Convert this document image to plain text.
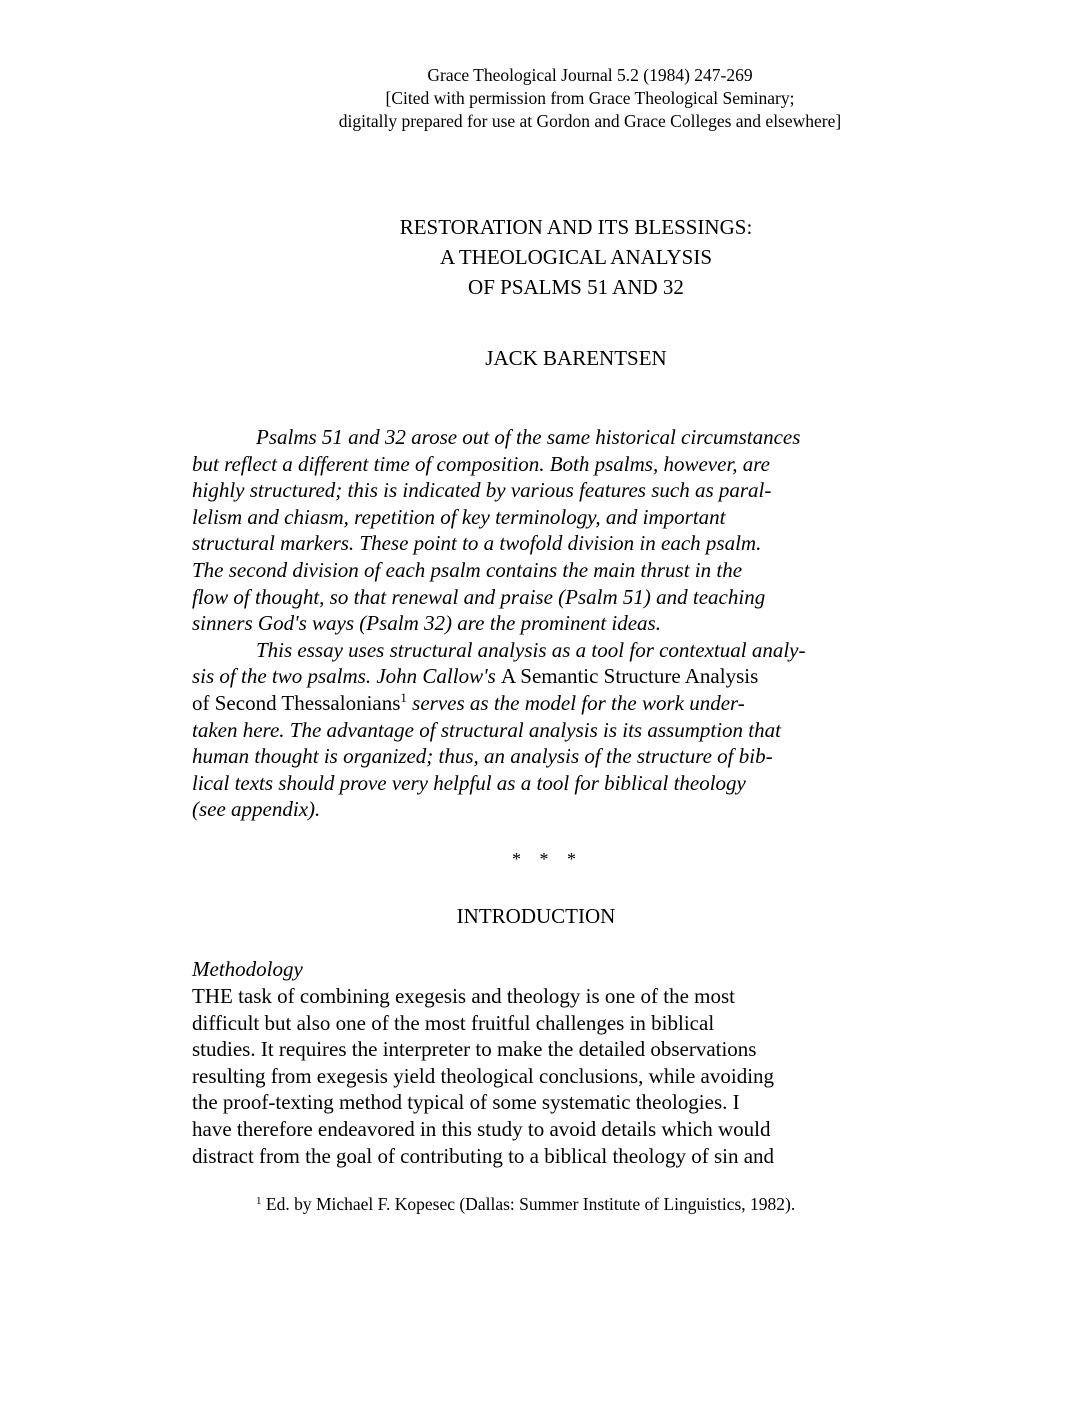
Grace Theological Journal 5.2 (1984) 247-269
[Cited with permission from Grace Theological Seminary;
digitally prepared for use at Gordon and Grace Colleges and elsewhere]
RESTORATION AND ITS BLESSINGS:
A THEOLOGICAL ANALYSIS
OF PSALMS 51 AND 32
JACK BARENTSEN
Psalms 51 and 32 arose out of the same historical circumstances
but reflect a different time of composition. Both psalms, however, are
highly structured; this is indicated by various features such as paral-
lelism and chiasm, repetition of key terminology, and important
structural markers. These point to a twofold division in each psalm.
The second division of each psalm contains the main thrust in the
flow of thought, so that renewal and praise (Psalm 51) and teaching
sinners God's ways (Psalm 32) are the prominent ideas.
This essay uses structural analysis as a tool for contextual analy-
sis of the two psalms. John Callow's A Semantic Structure Analysis
of Second Thessalonians$^1$ serves as the model for the work under-
taken here. The advantage of structural analysis is its assumption that
human thought is organized; thus, an analysis of the structure of bib-
lical texts should prove very helpful as a tool for biblical theology
(see appendix).
* * *
INTRODUCTION
Methodology
THE task of combining exegesis and theology is one of the most
difficult but also one of the most fruitful challenges in biblical
studies. It requires the interpreter to make the detailed observations
resulting from exegesis yield theological conclusions, while avoiding
the proof-texting method typical of some systematic theologies. I
have therefore endeavored in this study to avoid details which would
distract from the goal of contributing to a biblical theology of sin and
$^1$ Ed. by Michael F. Kopesec (Dallas: Summer Institute of Linguistics, 1982).
